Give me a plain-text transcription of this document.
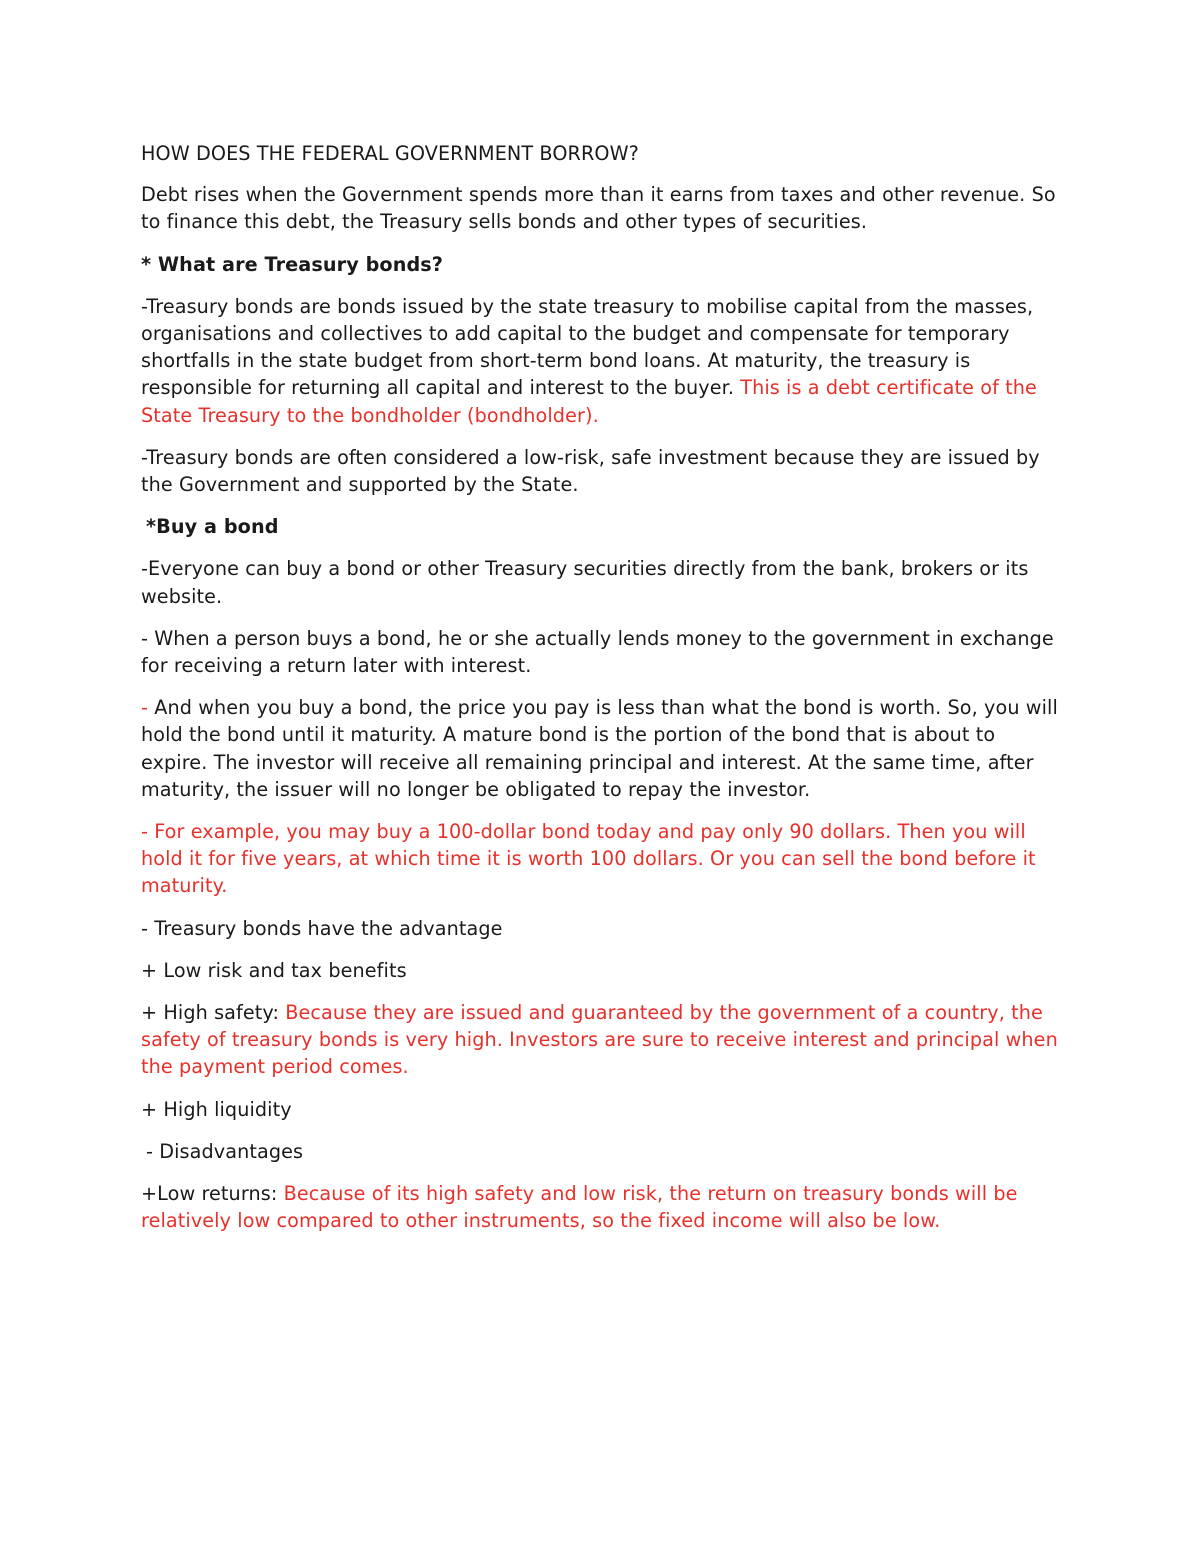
HOW DOES THE FEDERAL GOVERNMENT BORROW?

Debt rises when the Government spends more than it earns from taxes and other revenue. So to finance this debt, the Treasury sells bonds and other types of securities.

* What are Treasury bonds?

-Treasury bonds are bonds issued by the state treasury to mobilise capital from the masses, organisations and collectives to add capital to the budget and compensate for temporary shortfalls in the state budget from short-term bond loans. At maturity, the treasury is responsible for returning all capital and interest to the buyer. This is a debt certificate of the State Treasury to the bondholder (bondholder).

-Treasury bonds are often considered a low-risk, safe investment because they are issued by the Government and supported by the State.

*Buy a bond

-Everyone can buy a bond or other Treasury securities directly from the bank, brokers or its website.

- When a person buys a bond, he or she actually lends money to the government in exchange for receiving a return later with interest.

- And when you buy a bond, the price you pay is less than what the bond is worth. So, you will hold the bond until it maturity. A mature bond is the portion of the bond that is about to expire. The investor will receive all remaining principal and interest. At the same time, after maturity, the issuer will no longer be obligated to repay the investor.

- For example, you may buy a 100-dollar bond today and pay only 90 dollars. Then you will hold it for five years, at which time it is worth 100 dollars. Or you can sell the bond before it maturity.

- Treasury bonds have the advantage

+ Low risk and tax benefits

+ High safety: Because they are issued and guaranteed by the government of a country, the safety of treasury bonds is very high. Investors are sure to receive interest and principal when the payment period comes.

+ High liquidity

- Disadvantages

+Low returns: Because of its high safety and low risk, the return on treasury bonds will be relatively low compared to other instruments, so the fixed income will also be low.
